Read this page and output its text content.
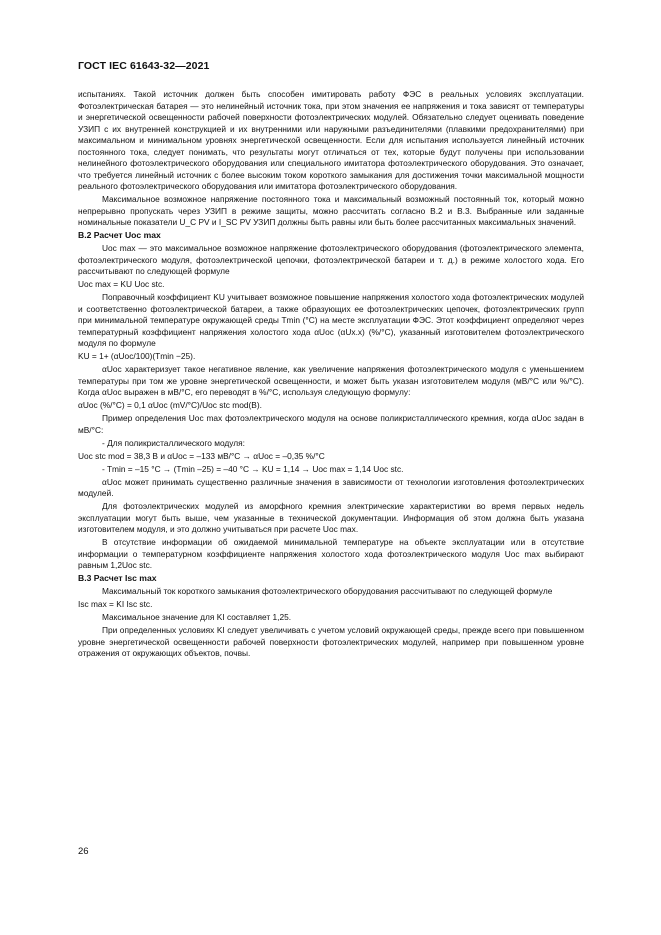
ГОСТ IEC 61643-32—2021

испытаниях. Такой источник должен быть способен имитировать работу ФЭС в реальных условиях эксплуатации. Фотоэлектрическая батарея — это нелинейный источник тока, при этом значения ее напряжения и тока зависят от температуры и энергетической освещенности рабочей поверхности фотоэлектрических модулей. Обязательно следует оценивать поведение УЗИП с их внутренней конструкцией и их внутренними или наружными разъединителями (плавкими предохранителями) при максимальном и минимальном уровнях энергетической освещенности. Если для испытания используется линейный источник постоянного тока, следует понимать, что результаты могут отличаться от тех, которые будут получены при использовании нелинейного фотоэлектрического оборудования или специального имитатора фотоэлектрического оборудования. Это означает, что требуется линейный источник с более высоким током короткого замыкания для достижения точки максимальной мощности реального фотоэлектрического оборудования или имитатора фотоэлектрического оборудования.

Максимальное возможное напряжение постоянного тока и максимальный возможный постоянный ток, который можно непрерывно пропускать через УЗИП в режиме защиты, можно рассчитать согласно В.2 и В.3. Выбранные или заданные номинальные показатели U_C PV и I_SC PV УЗИП должны быть равны или быть более рассчитанных максимальных значений.

В.2 Расчет Uoc max

Uoc max — это максимальное возможное напряжение фотоэлектрического оборудования (фотоэлектрического элемента, фотоэлектрического модуля, фотоэлектрической цепочки, фотоэлектрической батареи и т. д.) в режиме холостого хода. Его рассчитывают по следующей формуле

Uoc max = KU Uoc stc.

Поправочный коэффициент KU учитывает возможное повышение напряжения холостого хода фотоэлектрических модулей и соответственно фотоэлектрической батареи, а также образующих ее фотоэлектрических цепочек, фотоэлектрических групп при минимальной температуре окружающей среды Tmin (°C) на месте эксплуатации ФЭС. Этот коэффициент определяют через температурный коэффициент напряжения холостого хода αUoc (αUx.x) (%/°C), указанный изготовителем фотоэлектрического модуля по формуле

KU = 1+ (αUoc/100)(Tmin −25).

αUoc характеризует такое негативное явление, как увеличение напряжения фотоэлектрического модуля с уменьшением температуры при том же уровне энергетической освещенности, и может быть указан изготовителем модуля (мВ/°C или %/°C). Когда αUoc выражен в мВ/°C, его переводят в %/°C, используя следующую формулу:

αUoc (%/°C) = 0,1 αUoc (mV/°C)/Uoc stc mod(B).

Пример определения Uoc max фотоэлектрического модуля на основе поликристаллического кремния, когда αUoc задан в мВ/°C:

- Для поликристаллического модуля:

Uoc stc mod = 38,3 В и αUoc = –133 мВ/°C → αUoc = –0,35 %/°C

- Tmin = –15 °C → (Tmin –25) = –40 °C → KU = 1,14 → Uoc max = 1,14 Uoc stc.

αUoc может принимать существенно различные значения в зависимости от технологии изготовления фотоэлектрических модулей.

Для фотоэлектрических модулей из аморфного кремния электрические характеристики во время первых недель эксплуатации могут быть выше, чем указанные в технической документации. Информация об этом должна быть указана изготовителем модуля, и это должно учитываться при расчете Uoc max.

В отсутствие информации об ожидаемой минимальной температуре на объекте эксплуатации или в отсутствие информации о температурном коэффициенте напряжения холостого хода фотоэлектрического модуля Uoc max выбирают равным 1,2Uoc stc.

В.3 Расчет Isc max

Максимальный ток короткого замыкания фотоэлектрического оборудования рассчитывают по следующей формуле

Isc max = KI Isc stc.

Максимальное значение для KI составляет 1,25.

При определенных условиях KI следует увеличивать с учетом условий окружающей среды, прежде всего при повышенном уровне энергетической освещенности рабочей поверхности фотоэлектрических модулей, например при повышенном уровне отражения от окружающих объектов, почвы.

26
